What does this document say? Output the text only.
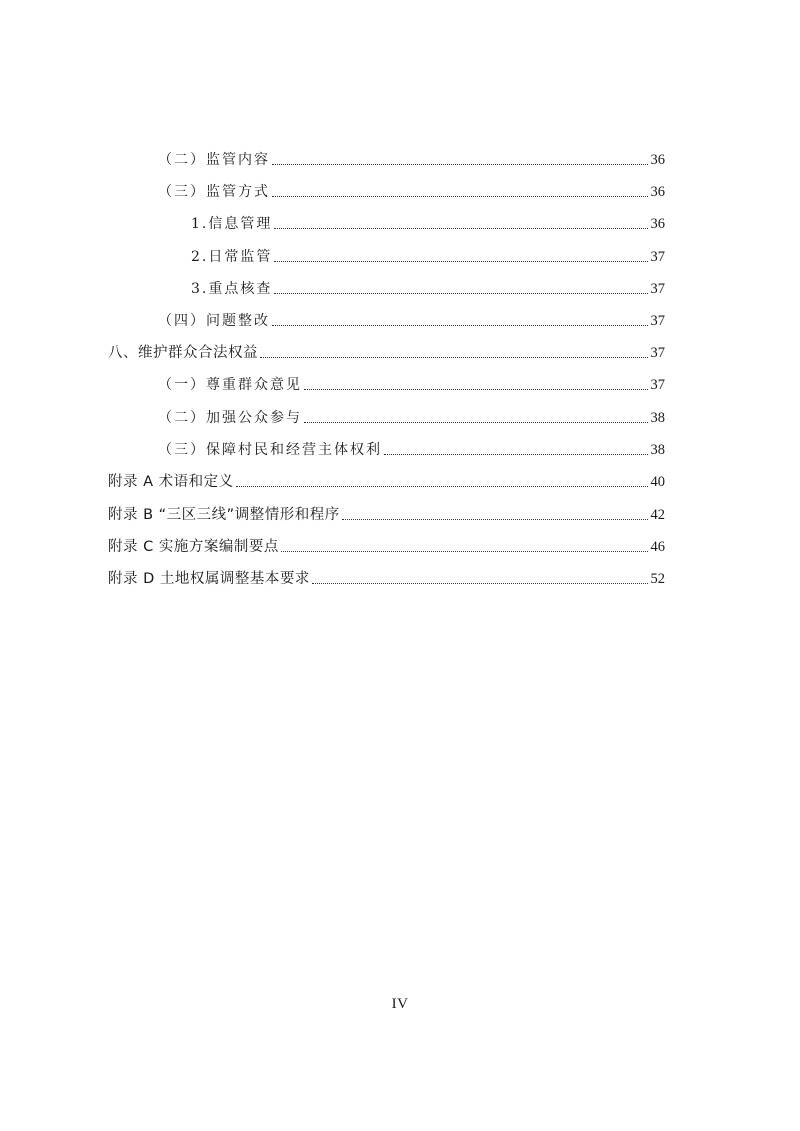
（二）监管内容	36
（三）监管方式	36
1.信息管理	36
2.日常监管	37
3.重点核查	37
（四）问题整改	37
八、维护群众合法权益	37
（一）尊重群众意见	37
（二）加强公众参与	38
（三）保障村民和经营主体权利	38
附录 A 术语和定义	40
附录 B “三区三线”调整情形和程序	42
附录 C 实施方案编制要点	46
附录 D 土地权属调整基本要求	52
IV
